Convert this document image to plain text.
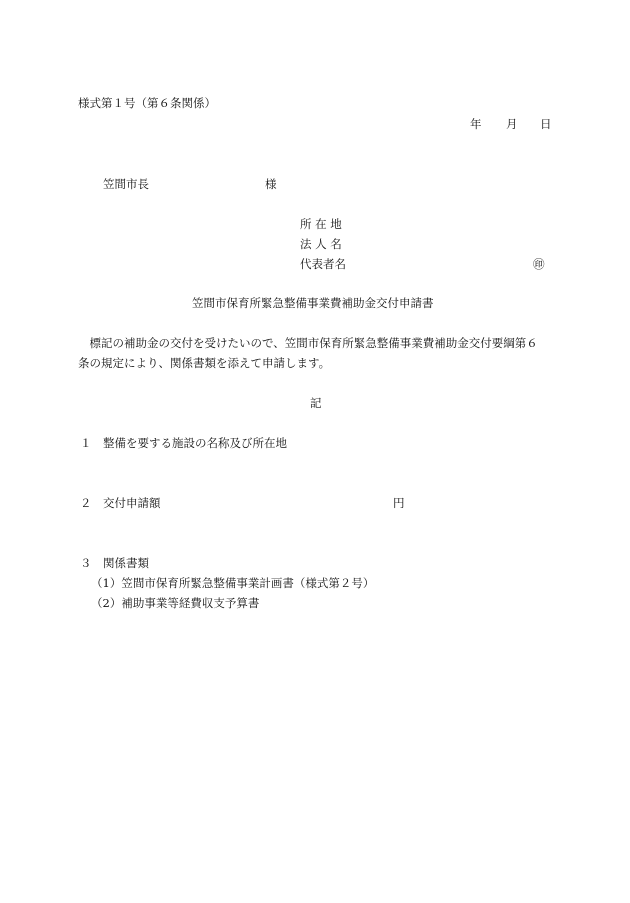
様式第１号（第６条関係）
年 月 日
笠間市長	様
所 在 地
法 人 名
代表者名	㊞
笠間市保育所緊急整備事業費補助金交付申請書
　標記の補助金の交付を受けたいので、笠間市保育所緊急整備事業費補助金交付要綱第６
条の規定により、関係書類を添えて申請します。
記
１ 整備を要する施設の名称及び所在地
２ 交付申請額	円
３ 関係書類
（1）笠間市保育所緊急整備事業計画書（様式第２号）
（2）補助事業等経費収支予算書
